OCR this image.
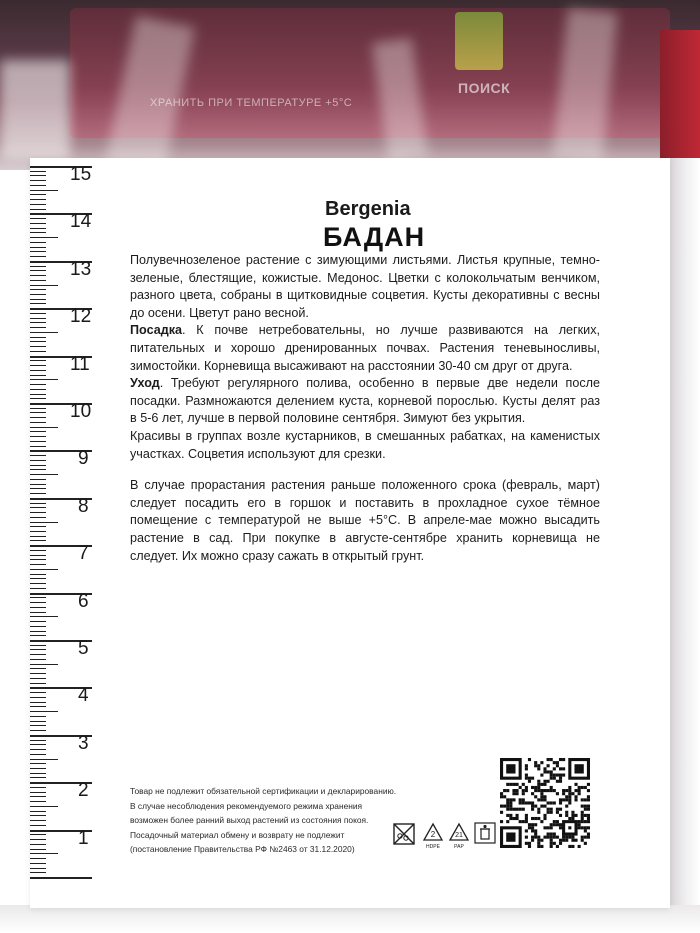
ХРАНИТЬ ПРИ ТЕМПЕРАТУРЕ +5°С
ПОИСК
15
14
13
12
11
10
9
8
7
6
5
4
3
2
1
Bergenia
БАДАН

Полувечнозеленое растение с зимующими листьями. Листья крупные, темно-зеленые, блестящие, кожистые. Медонос. Цветки с колокольчатым венчиком, разного цвета, собраны в щитковидные соцветия. Кусты декоративны с весны до осени. Цветут рано весной.

Посадка. К почве нетребовательны, но лучше развиваются на легких, питательных и хорошо дренированных почвах. Растения теневыносливы, зимостойки. Корневища высаживают на расстоянии 30-40 см друг от друга.

Уход. Требуют регулярного полива, особенно в первые две недели после посадки. Размножаются делением куста, корневой порослью. Кусты делят раз в 5-6 лет, лучше в первой половине сентября. Зимуют без укрытия.

Красивы в группах возле кустарников, в смешанных рабатках, на каменистых участках. Соцветия используют для срезки.

В случае прорастания растения раньше положенного срока (февраль, март) следует посадить его в горшок и поставить в прохладное сухое тёмное помещение с температурой не выше +5°С. В апреле-мае можно высадить растение в сад. При покупке в августе-сентябре хранить корневища не следует. Их можно сразу сажать в открытый грунт.

Товар не подлежит обязательной сертификации и декларированию.
В случае несоблюдения рекомендуемого режима хранения
возможен более ранний выход растений из состояния покоя.
Посадочный материал обмену и возврату не подлежит
(постановление Правительства РФ №2463 от 31.12.2020)
2
HDPE
21
PAP
